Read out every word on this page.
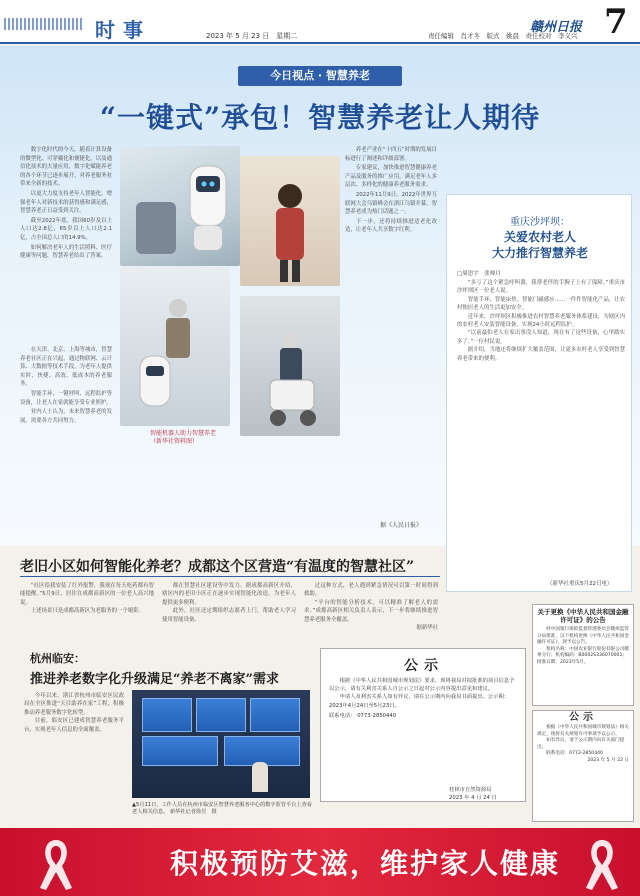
时事	2023 年 5 月 23 日　星期二	责任编辑　肖才冬　版式　姚晨　责任校对　李义兴
赣州日报 7
今日视点 · 智慧养老
“一键式”承包！智慧养老让人期待

数字化时代的今天，随着计算设备的微型化、可穿戴化和便捷化，以及通信化技术的大量应用，数字化赋能养老的各个环节已逐步展开，对养老服务业带来全新的技术。

以更大力度支持老年人智能化，增强老年人对新技术的获得感和满足感，智慧养老正日益受到关注。

截至2022年底，我国60岁及以上人口达2.8亿，65岁以上人口达2.1亿，占全国总人口的14.9%。

如何解决老年人的生活照料、医疗健康等问题，智慧养老给出了答案。

在天津、北京、上海等城市，智慧养老社区正在兴起，通过物联网、云计算、大数据等技术手段，为老年人提供实时、快捷、高效、低成本的养老服务。

智能手环、一键呼叫、远程监护等设备，让老人在家就能享受专业照护。

业内人士认为，未来智慧养老的发展，需要各方共同努力。

智能机器人助力智慧养老
（新华社资料图）

养老产业在“十四五”时期的发展目标进行了阐述和详细部署。

专家建议，加快推进智慧健康养老产品及服务的推广应用，满足老年人多层次、多样化的健康养老服务需求。

2022年11月9日，2022年世界互联网大会乌镇峰会在浙江乌镇开幕，智慧养老成为热门话题之一。

下一步，还将持续推进适老化改造，让老年人共享数字红利。

据《人民日报》
重庆沙坪坝：
关爱农村老人
大力推行智慧养老
□周思宇　张帅月

“多亏了这个紧急呼叫器，我帮老伴的手腕子上有了保障。”重庆市沙坪坝区一位老人说。

智能手环、智能床垫、智能门磁感应……一件件智能化产品，让农村独居老人的生活更加安全。

近年来，沙坪坝区积极推进农村智慧养老服务体系建设，为辖区内的农村老人安装智能设备，实现24小时远程监护。

“以前最怕老人在家出事没人知道，现在有了这些设备，心里踏实多了。”一位村民说。

据介绍，当地还将继续扩大覆盖范围，让更多农村老人享受到智慧养老带来的便利。

（新华社重庆5月22日电）
老旧小区如何智能化养老？成都这个区营造“有温度的智慧社区”

“社区给我安装了红外报警，我现在每天吃药都有智能提醒。”5月9日，居住在成都高新区的一位老人高兴地说。

上述场景只是成都高新区为老服务的一个缩影。

都在智慧社区建设等中发力。据成都高新区介绍，辖区内的老旧小区正在逐步实现智能化改造，为老年人提供更多便利。

此外，社区还定期组织志愿者上门，帮助老人学习使用智能设备。

过这种方式，老人遇到紧急情况可以第一时间得到救助。

“平台的智能分析技术，可以精准了解老人的需求。”成都高新区相关负责人表示，下一步将继续推进智慧养老服务全覆盖。

据新华社

杭州临安：
推进养老数字化升级满足“养老不离家”需求

今年以来，浙江省杭州市临安区民政局在全区推进“天目助养在家”工程，积极推动养老服务数字化转型。

目前，临安区已建成智慧养老服务平台，实现老年人信息的全面覆盖。

▲5月11日，工作人员在杭州市临安区智慧养老服务中心的数字监管平台上查看老人相关信息。 新华社记者徐昱　摄
公示

根据《中华人民共和国城市规划法》要求，现将我局对拟批准的项目信息予以公示，请有关利害关系人自公示之日起对公示内容提出意见和建议。

申请人及利害关系人如有异议，请在公示期内向我局书面提出。公示期：2023年4月24日至5月23日。

联系电话： 0773-2850440
桂林市自然资源局
2023 年 4 月 24 日
关于更换《中华人民共和国金融许可证》的公告

经中国银行保险监督管理委员会赣州监管分局批准，以下机构更换《中华人民共和国金融许可证》，现予以公告。

机构名称：中国农业银行股份有限公司赣州分行；机构编码：B0002S336070001；批准日期：2023年5月。

公示

根据《中华人民共和国城市规划法》相关规定，现将有关规划许可事项予以公示。

如有异议，请于公示期内向有关部门提出。

联系电话：0773-2850440

2023 年 5 月 22 日
积极预防艾滋，维护家人健康
